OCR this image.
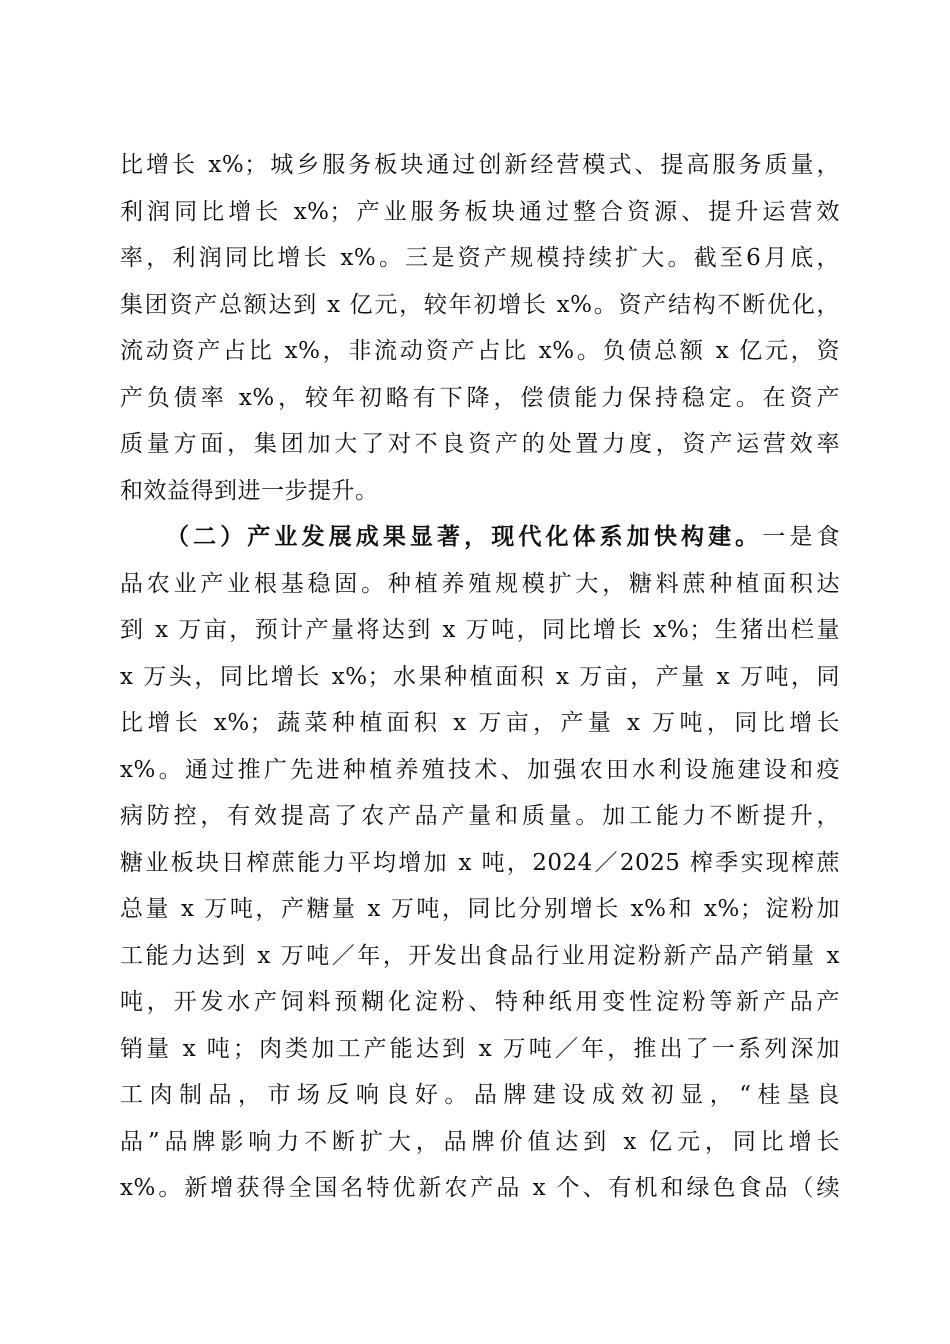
比增长 x%；城乡服务板块通过创新经营模式、提高服务质量，
利润同比增长 x%；产业服务板块通过整合资源、提升运营效
率，利润同比增长 x%。三是资产规模持续扩大。截至6月底，
集团资产总额达到 x 亿元，较年初增长 x%。资产结构不断优化，
流动资产占比 x%，非流动资产占比 x%。负债总额 x 亿元，资
产负债率 x%，较年初略有下降，偿债能力保持稳定。在资产
质量方面，集团加大了对不良资产的处置力度，资产运营效率
和效益得到进一步提升。
（二）产业发展成果显著，现代化体系加快构建。一是食
品农业产业根基稳固。种植养殖规模扩大，糖料蔗种植面积达
到 x 万亩，预计产量将达到 x 万吨，同比增长 x%；生猪出栏量
x 万头，同比增长 x%；水果种植面积 x 万亩，产量 x 万吨，同
比增长 x%；蔬菜种植面积 x 万亩，产量 x 万吨，同比增长
x%。通过推广先进种植养殖技术、加强农田水利设施建设和疫
病防控，有效提高了农产品产量和质量。加工能力不断提升，
糖业板块日榨蔗能力平均增加 x 吨，2024／2025 榨季实现榨蔗
总量 x 万吨，产糖量 x 万吨，同比分别增长 x%和 x%；淀粉加
工能力达到 x 万吨／年，开发出食品行业用淀粉新产品产销量 x
吨，开发水产饲料预糊化淀粉、特种纸用变性淀粉等新产品产
销量 x 吨；肉类加工产能达到 x 万吨／年，推出了一系列深加
工肉制品，市场反响良好。品牌建设成效初显，“桂垦良
品”品牌影响力不断扩大，品牌价值达到 x 亿元，同比增长
x%。新增获得全国名特优新农产品 x 个、有机和绿色食品（续
